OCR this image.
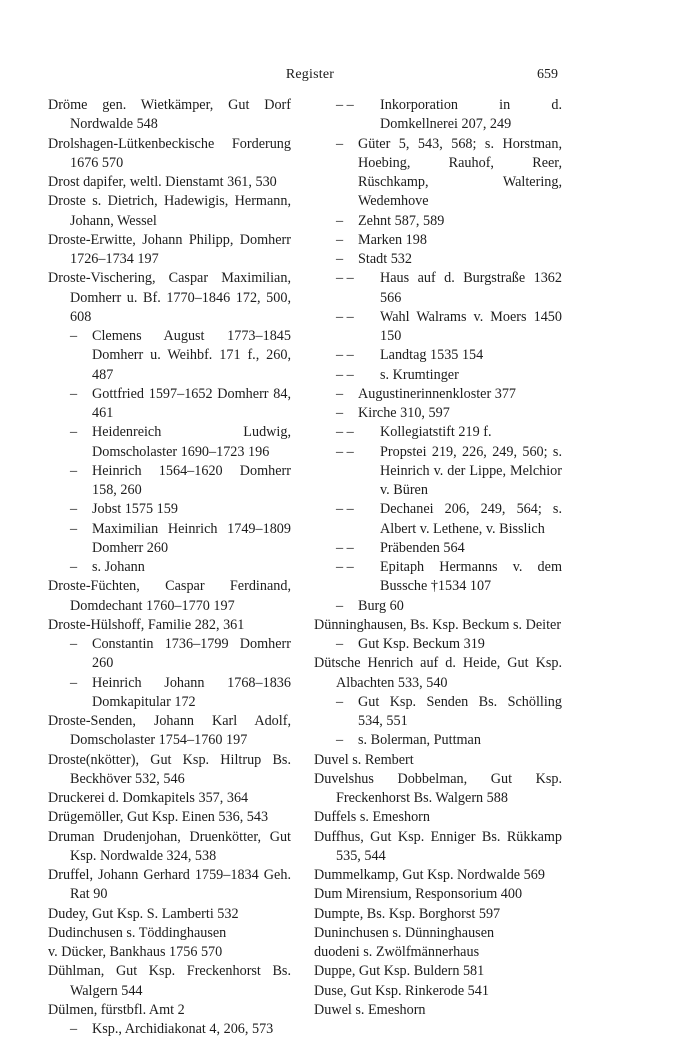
Register	659
Dröme gen. Wietkämper, Gut Dorf Nordwalde 548
Drolshagen-Lütkenbeckische Forderung 1676 570
Drost dapifer, weltl. Dienstamt 361, 530
Droste s. Dietrich, Hadewigis, Hermann, Johann, Wessel
Droste-Erwitte, Johann Philipp, Domherr 1726–1734 197
Droste-Vischering, Caspar Maximilian, Domherr u. Bf. 1770–1846 172, 500, 608
– Clemens August 1773–1845 Domherr u. Weihbf. 171 f., 260, 487
– Gottfried 1597–1652 Domherr 84, 461
– Heidenreich Ludwig, Domscholaster 1690–1723 196
– Heinrich 1564–1620 Domherr 158, 260
– Jobst 1575 159
– Maximilian Heinrich 1749–1809 Domherr 260
– s. Johann
Droste-Füchten, Caspar Ferdinand, Domdechant 1760–1770 197
Droste-Hülshoff, Familie 282, 361
– Constantin 1736–1799 Domherr 260
– Heinrich Johann 1768–1836 Domkapitular 172
Droste-Senden, Johann Karl Adolf, Domscholaster 1754–1760 197
Droste(nkötter), Gut Ksp. Hiltrup Bs. Beckhöver 532, 546
Druckerei d. Domkapitels 357, 364
Drügemöller, Gut Ksp. Einen 536, 543
Druman Drudenjohan, Druenkötter, Gut Ksp. Nordwalde 324, 538
Druffel, Johann Gerhard 1759–1834 Geh. Rat 90
Dudey, Gut Ksp. S. Lamberti 532
Dudinchusen s. Töddinghausen
v. Dücker, Bankhaus 1756 570
Dühlman, Gut Ksp. Freckenhorst Bs. Walgern 544
Dülmen, fürstbfl. Amt 2
– Ksp., Archidiakonat 4, 206, 573
– – Inkorporation in d. Domkellnerei 207, 249
– Güter 5, 543, 568; s. Horstman, Hoebing, Rauhof, Reer, Rüschkamp, Waltering, Wedemhove
– Zehnt 587, 589
– Marken 198
– Stadt 532
– – Haus auf d. Burgstraße 1362 566
– – Wahl Walrams v. Moers 1450 150
– – Landtag 1535 154
– – s. Krumtinger
– Augustinerinnenkloster 377
– Kirche 310, 597
– – Kollegiatstift 219 f.
– – Propstei 219, 226, 249, 560; s. Heinrich v. der Lippe, Melchior v. Büren
– – Dechanei 206, 249, 564; s. Albert v. Lethene, v. Bisslich
– – Präbenden 564
– – Epitaph Hermanns v. dem Bussche †1534 107
– Burg 60
Dünninghausen, Bs. Ksp. Beckum s. Deiter
– Gut Ksp. Beckum 319
Dütsche Henrich auf d. Heide, Gut Ksp. Albachten 533, 540
– Gut Ksp. Senden Bs. Schölling 534, 551
– s. Bolerman, Puttman
Duvel s. Rembert
Duvelshus Dobbelman, Gut Ksp. Freckenhorst Bs. Walgern 588
Duffels s. Emeshorn
Duffhus, Gut Ksp. Enniger Bs. Rükkamp 535, 544
Dummelkamp, Gut Ksp. Nordwalde 569
Dum Mirensium, Responsorium 400
Dumpte, Bs. Ksp. Borghorst 597
Duninchusen s. Dünninghausen
duodeni s. Zwölfmännerhaus
Duppe, Gut Ksp. Buldern 581
Duse, Gut Ksp. Rinkerode 541
Duwel s. Emeshorn
